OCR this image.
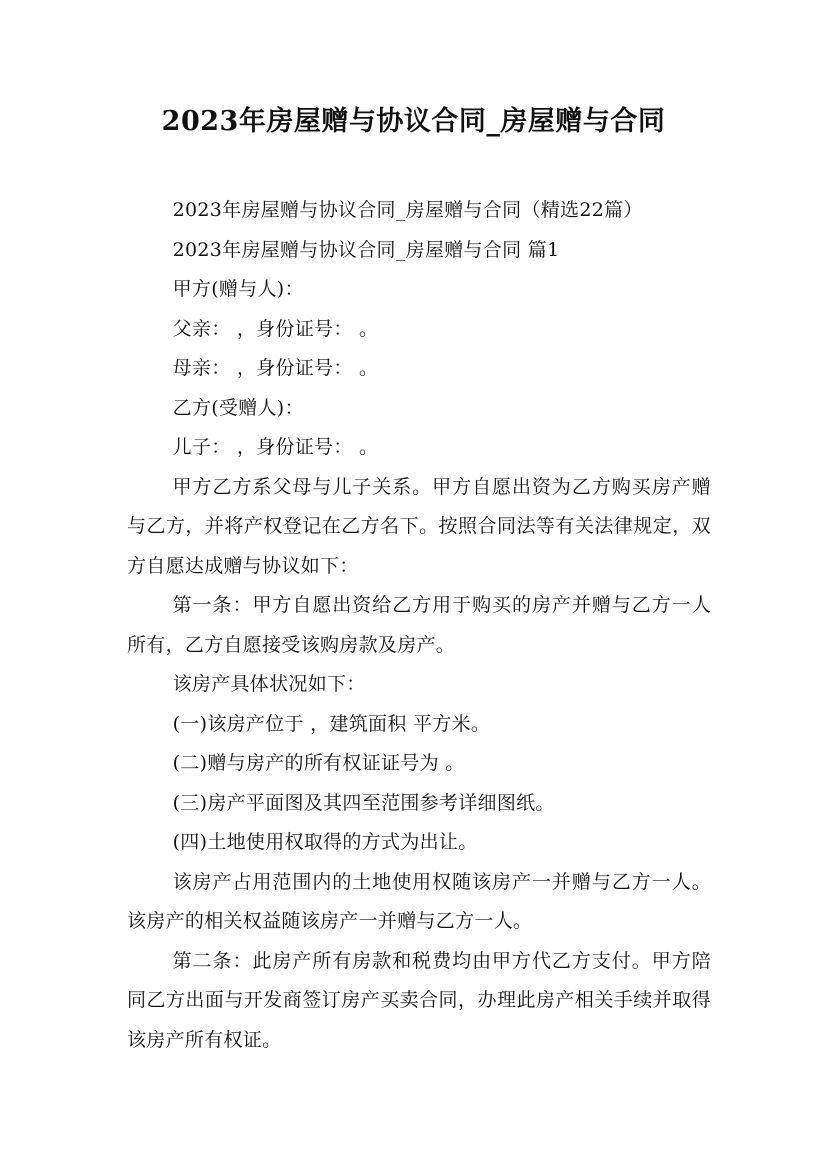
2023年房屋赠与协议合同_房屋赠与合同

2023年房屋赠与协议合同_房屋赠与合同（精选22篇）

2023年房屋赠与协议合同_房屋赠与合同 篇1

甲方(赠与人)：

父亲： ，身份证号： 。

母亲： ，身份证号： 。

乙方(受赠人)：

儿子： ，身份证号： 。

甲方乙方系父母与儿子关系。甲方自愿出资为乙方购买房产赠与乙方，并将产权登记在乙方名下。按照合同法等有关法律规定，双方自愿达成赠与协议如下：

第一条：甲方自愿出资给乙方用于购买的房产并赠与乙方一人所有，乙方自愿接受该购房款及房产。

该房产具体状况如下：

(一)该房产位于 ，建筑面积 平方米。

(二)赠与房产的所有权证证号为 。

(三)房产平面图及其四至范围参考详细图纸。

(四)土地使用权取得的方式为出让。

该房产占用范围内的土地使用权随该房产一并赠与乙方一人。该房产的相关权益随该房产一并赠与乙方一人。

第二条：此房产所有房款和税费均由甲方代乙方支付。甲方陪同乙方出面与开发商签订房产买卖合同，办理此房产相关手续并取得该房产所有权证。
